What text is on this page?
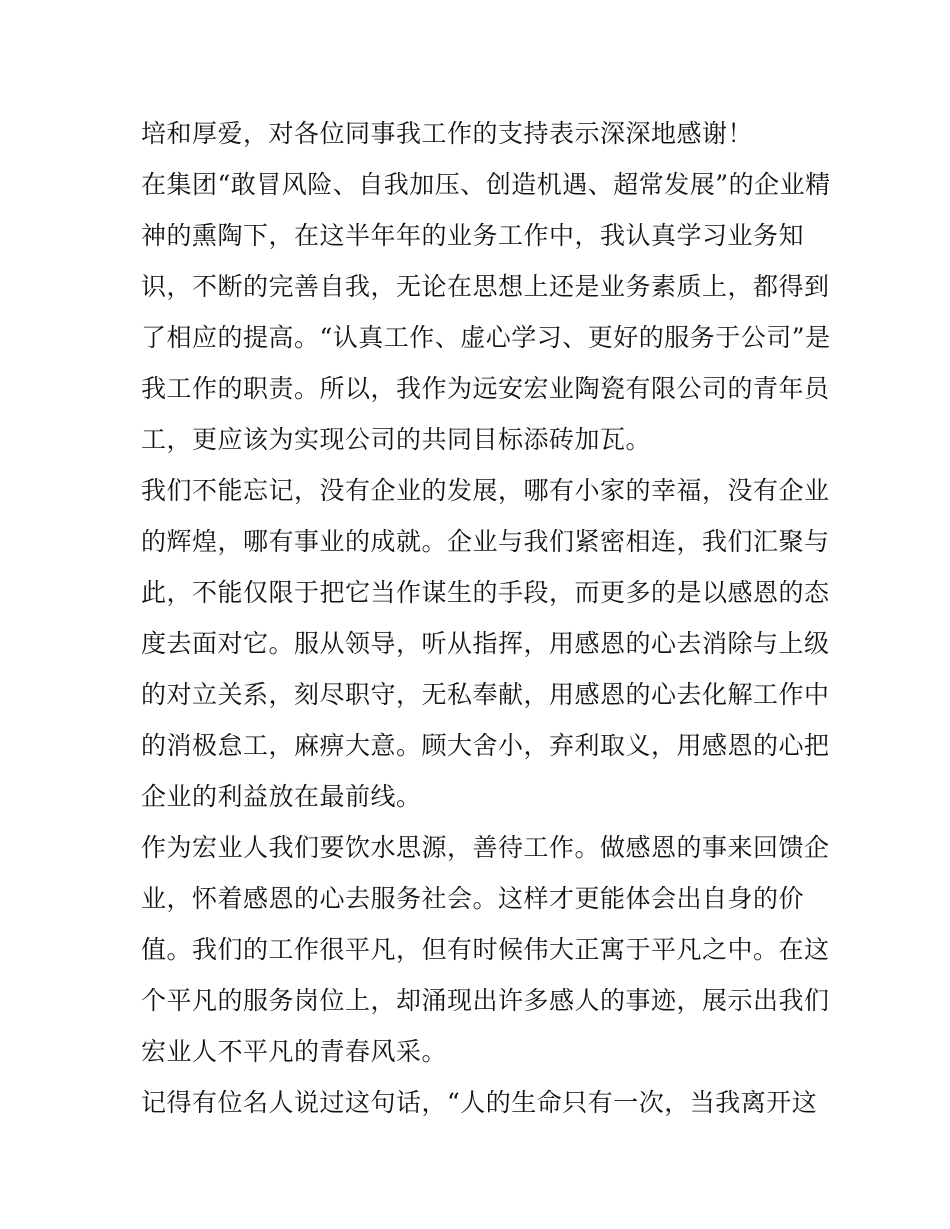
培和厚爱，对各位同事我工作的支持表示深深地感谢！
在集团“敢冒风险、自我加压、创造机遇、超常发展”的企业精
神的熏陶下，在这半年年的业务工作中，我认真学习业务知
识，不断的完善自我，无论在思想上还是业务素质上，都得到
了相应的提高。“认真工作、虚心学习、更好的服务于公司”是
我工作的职责。所以，我作为远安宏业陶瓷有限公司的青年员
工，更应该为实现公司的共同目标添砖加瓦。
我们不能忘记，没有企业的发展，哪有小家的幸福，没有企业
的辉煌，哪有事业的成就。企业与我们紧密相连，我们汇聚与
此，不能仅限于把它当作谋生的手段，而更多的是以感恩的态
度去面对它。服从领导，听从指挥，用感恩的心去消除与上级
的对立关系，刻尽职守，无私奉献，用感恩的心去化解工作中
的消极怠工，麻痹大意。顾大舍小，弃利取义，用感恩的心把
企业的利益放在最前线。
作为宏业人我们要饮水思源，善待工作。做感恩的事来回馈企
业，怀着感恩的心去服务社会。这样才更能体会出自身的价
值。我们的工作很平凡，但有时候伟大正寓于平凡之中。在这
个平凡的服务岗位上，却涌现出许多感人的事迹，展示出我们
宏业人不平凡的青春风采。
记得有位名人说过这句话，“人的生命只有一次，当我离开这
